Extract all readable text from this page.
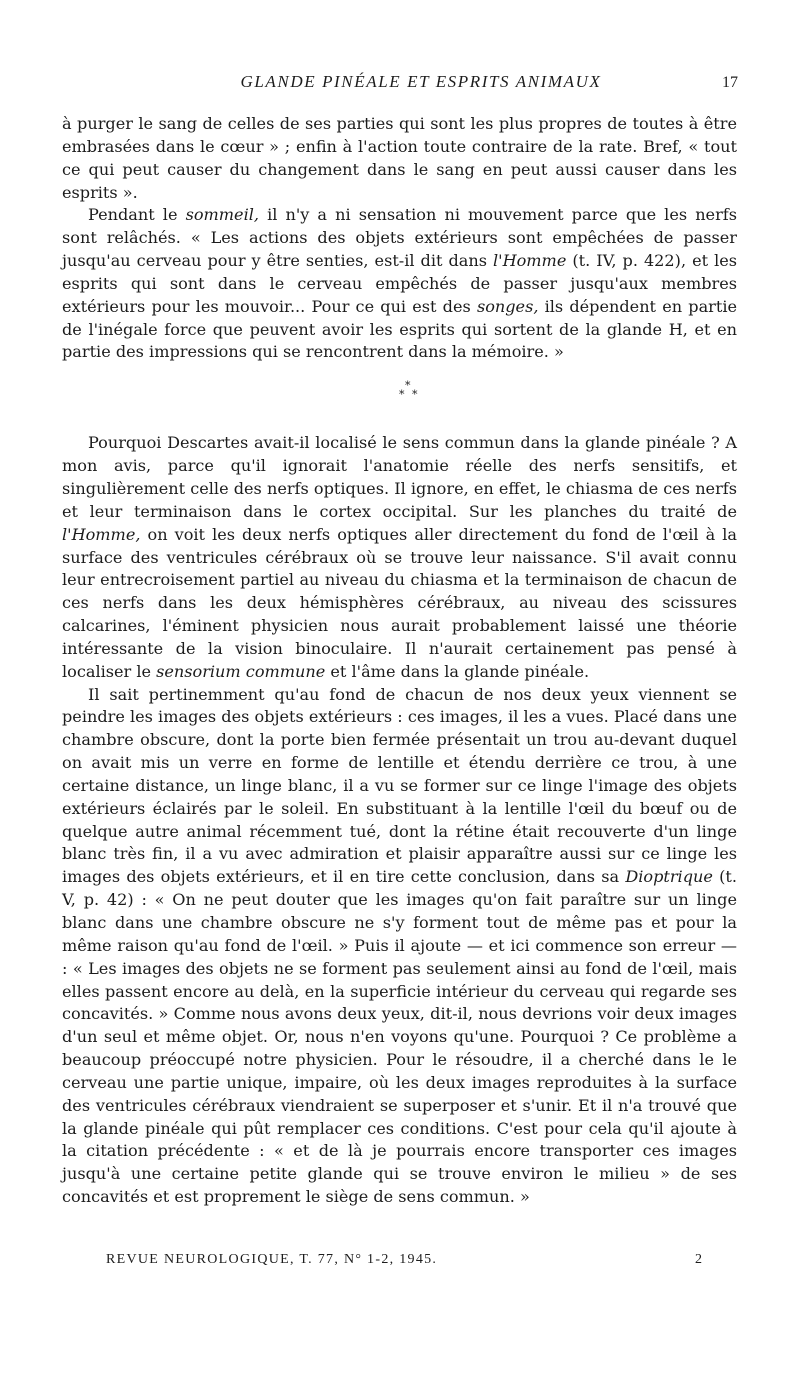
GLANDE PINÉALE ET ESPRITS ANIMAUX	17

à purger le sang de celles de ses parties qui sont les plus propres de toutes à être embrasées dans le cœur » ; enfin à l'action toute contraire de la rate. Bref, « tout ce qui peut causer du changement dans le sang en peut aussi causer dans les esprits ».

Pendant le sommeil, il n'y a ni sensation ni mouvement parce que les nerfs sont relâchés. « Les actions des objets extérieurs sont empêchées de passer jusqu'au cerveau pour y être senties, est-il dit dans l'Homme (t. IV, p. 422), et les esprits qui sont dans le cerveau empêchés de passer jusqu'aux membres extérieurs pour les mouvoir... Pour ce qui est des songes, ils dépendent en partie de l'inégale force que peuvent avoir les esprits qui sortent de la glande H, et en partie des impressions qui se rencontrent dans la mémoire. »

*
* *

Pourquoi Descartes avait-il localisé le sens commun dans la glande pinéale ? A mon avis, parce qu'il ignorait l'anatomie réelle des nerfs sensitifs, et singulièrement celle des nerfs optiques. Il ignore, en effet, le chiasma de ces nerfs et leur terminaison dans le cortex occipital. Sur les planches du traité de l'Homme, on voit les deux nerfs optiques aller directement du fond de l'œil à la surface des ventricules cérébraux où se trouve leur naissance. S'il avait connu leur entrecroisement partiel au niveau du chiasma et la terminaison de chacun de ces nerfs dans les deux hémisphères cérébraux, au niveau des scissures calcarines, l'éminent physicien nous aurait probablement laissé une théorie intéressante de la vision binoculaire. Il n'aurait certainement pas pensé à localiser le sensorium commune et l'âme dans la glande pinéale.

Il sait pertinemment qu'au fond de chacun de nos deux yeux viennent se peindre les images des objets extérieurs : ces images, il les a vues. Placé dans une chambre obscure, dont la porte bien fermée présentait un trou au-devant duquel on avait mis un verre en forme de lentille et étendu derrière ce trou, à une certaine distance, un linge blanc, il a vu se former sur ce linge l'image des objets extérieurs éclairés par le soleil. En substituant à la lentille l'œil du bœuf ou de quelque autre animal récemment tué, dont la rétine était recouverte d'un linge blanc très fin, il a vu avec admiration et plaisir apparaître aussi sur ce linge les images des objets extérieurs, et il en tire cette conclusion, dans sa Dioptrique (t. V, p. 42) : « On ne peut douter que les images qu'on fait paraître sur un linge blanc dans une chambre obscure ne s'y forment tout de même pas et pour la même raison qu'au fond de l'œil. » Puis il ajoute — et ici commence son erreur — : « Les images des objets ne se forment pas seulement ainsi au fond de l'œil, mais elles passent encore au delà, en la superficie intérieur du cerveau qui regarde ses concavités. » Comme nous avons deux yeux, dit-il, nous devrions voir deux images d'un seul et même objet. Or, nous n'en voyons qu'une. Pourquoi ? Ce problème a beaucoup préoccupé notre physicien. Pour le résoudre, il a cherché dans le le cerveau une partie unique, impaire, où les deux images reproduites à la surface des ventricules cérébraux viendraient se superposer et s'unir. Et il n'a trouvé que la glande pinéale qui pût remplacer ces conditions. C'est pour cela qu'il ajoute à la citation précédente : « et de là je pourrais encore transporter ces images jusqu'à une certaine petite glande qui se trouve environ le milieu » de ses concavités et est proprement le siège de sens commun. »

REVUE NEUROLOGIQUE, T. 77, N° 1-2, 1945.	2
